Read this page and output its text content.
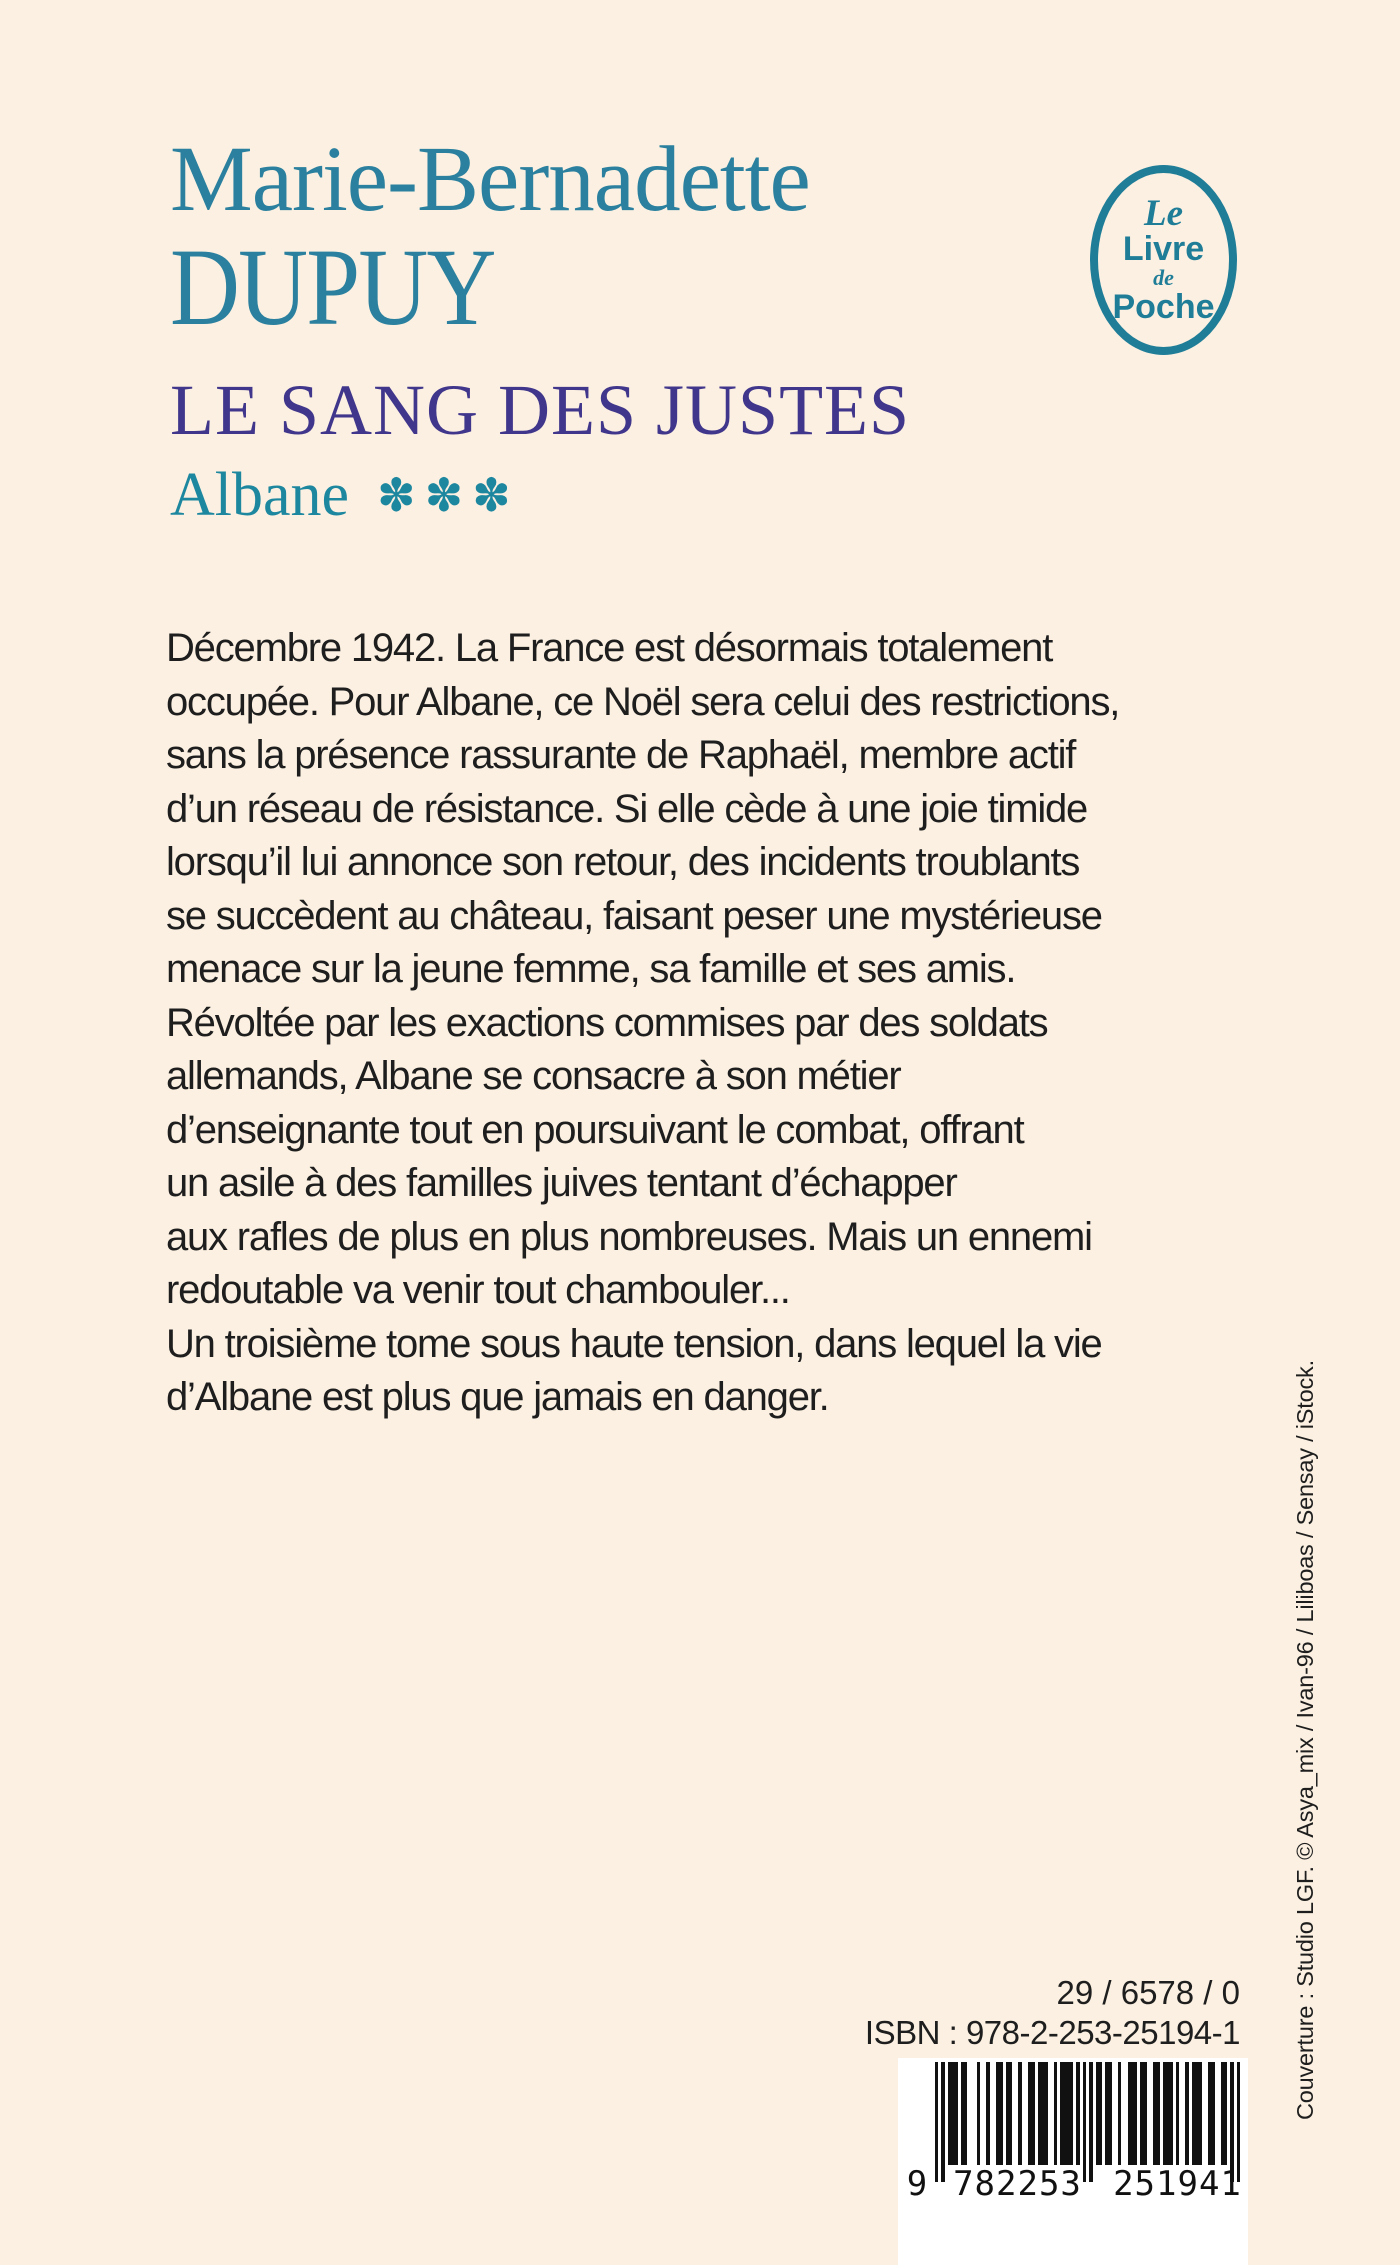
Marie-Bernadette
DUPUY
Le
Livre
de
Poche
LE SANG DES JUSTES
Albane ✽✽✽
Décembre 1942. La France est désormais totalement
occupée. Pour Albane, ce Noël sera celui des restrictions,
sans la présence rassurante de Raphaël, membre actif
d’un réseau de résistance. Si elle cède à une joie timide
lorsqu’il lui annonce son retour, des incidents troublants
se succèdent au château, faisant peser une mystérieuse
menace sur la jeune femme, sa famille et ses amis.
Révoltée par les exactions commises par des soldats
allemands, Albane se consacre à son métier
d’enseignante tout en poursuivant le combat, offrant
un asile à des familles juives tentant d’échapper
aux rafles de plus en plus nombreuses. Mais un ennemi
redoutable va venir tout chambouler...
Un troisième tome sous haute tension, dans lequel la vie
d’Albane est plus que jamais en danger.	Couverture : Studio LGF. © Asya_mix / Ivan-96 / Liliboas / Sensay / iStock.
29 / 6578 / 0
ISBN : 978-2-253-25194-1
9 782253 251941
